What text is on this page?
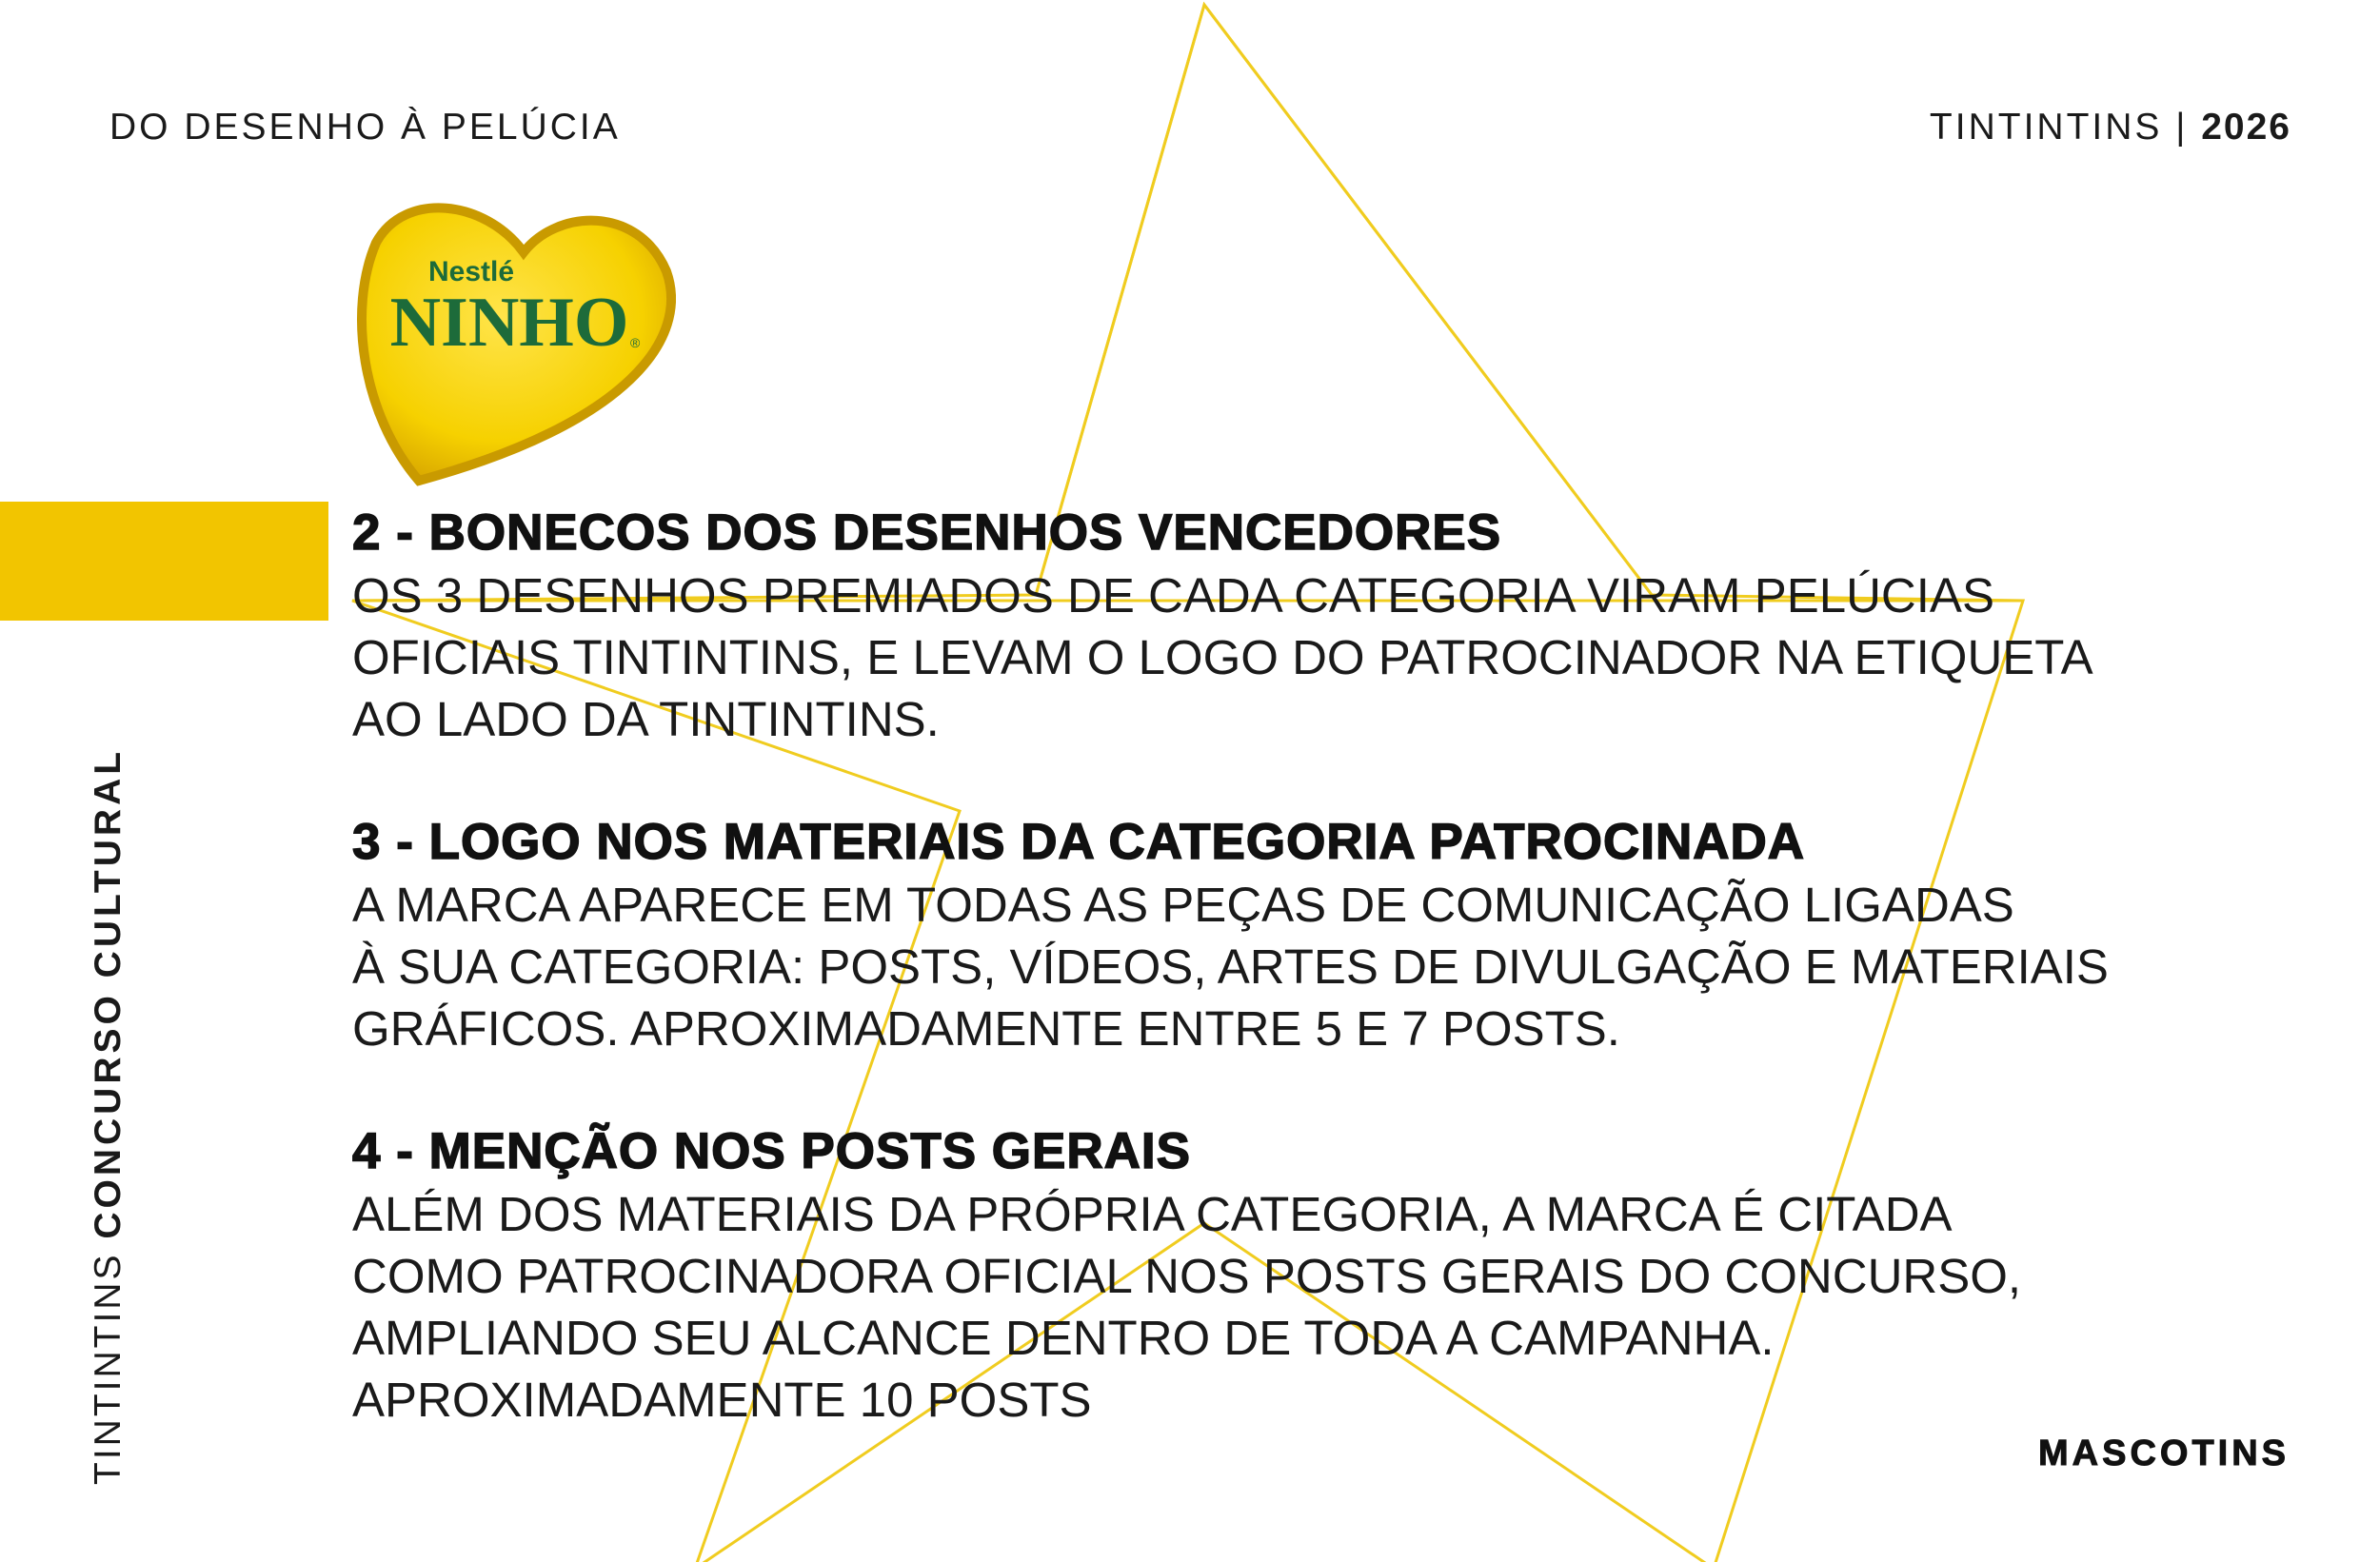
DO DESENHO À PELÚCIA	TINTINTINS | 2026
Nestlé
NINHO ®
TINTINTINS CONCURSO CULTURAL
2 - BONECOS DOS DESENHOS VENCEDORES

OS 3 DESENHOS PREMIADOS DE CADA CATEGORIA VIRAM PELÚCIAS
OFICIAIS TINTINTINS, E LEVAM O LOGO DO PATROCINADOR NA ETIQUETA
AO LADO DA TINTINTINS.

3 - LOGO NOS MATERIAIS DA CATEGORIA PATROCINADA

A MARCA APARECE EM TODAS AS PEÇAS DE COMUNICAÇÃO LIGADAS
À SUA CATEGORIA: POSTS, VÍDEOS, ARTES DE DIVULGAÇÃO E MATERIAIS
GRÁFICOS. APROXIMADAMENTE ENTRE 5 E 7 POSTS.

4 - MENÇÃO NOS POSTS GERAIS

ALÉM DOS MATERIAIS DA PRÓPRIA CATEGORIA, A MARCA É CITADA
COMO PATROCINADORA OFICIAL NOS POSTS GERAIS DO CONCURSO,
AMPLIANDO SEU ALCANCE DENTRO DE TODA A CAMPANHA.
APROXIMADAMENTE 10 POSTS

MASCOTINS
